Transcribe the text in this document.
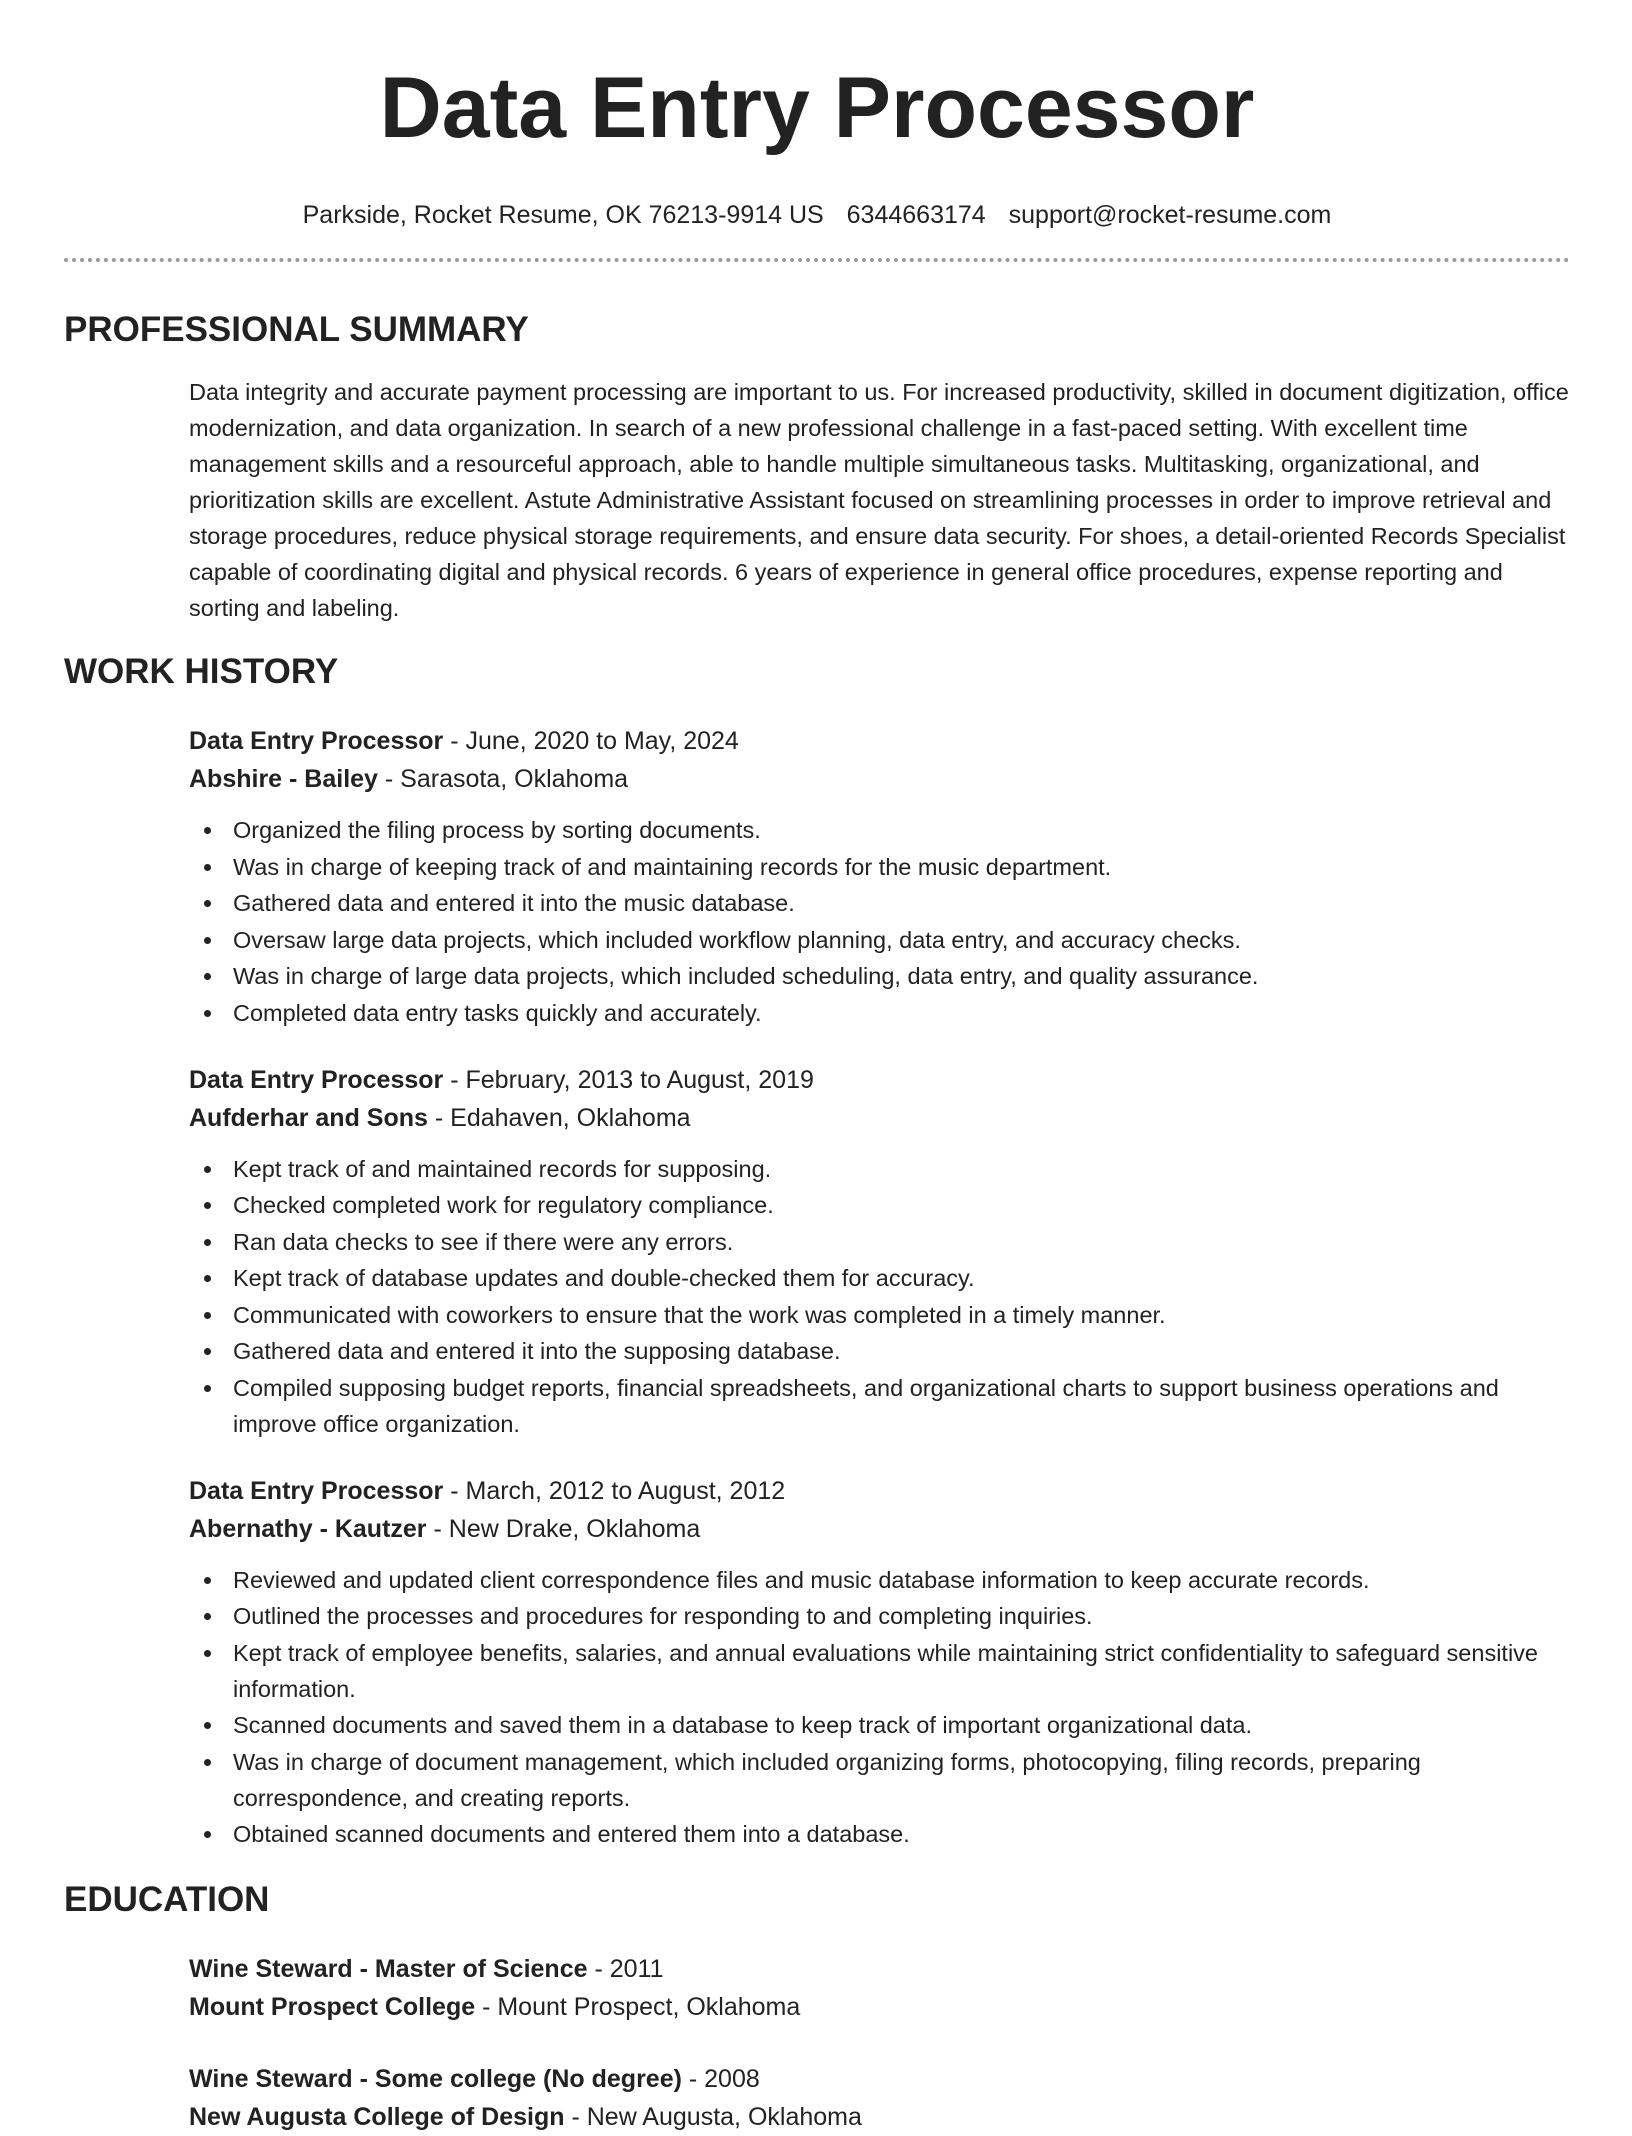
Data Entry Processor
Parkside, Rocket Resume, OK 76213-9914 US 6344663174 support@rocket-resume.com
PROFESSIONAL SUMMARY
Data integrity and accurate payment processing are important to us. For increased productivity, skilled in document digitization, office modernization, and data organization. In search of a new professional challenge in a fast-paced setting. With excellent time management skills and a resourceful approach, able to handle multiple simultaneous tasks. Multitasking, organizational, and prioritization skills are excellent. Astute Administrative Assistant focused on streamlining processes in order to improve retrieval and storage procedures, reduce physical storage requirements, and ensure data security. For shoes, a detail-oriented Records Specialist capable of coordinating digital and physical records. 6 years of experience in general office procedures, expense reporting and sorting and labeling.
WORK HISTORY
Data Entry Processor - June, 2020 to May, 2024
Abshire - Bailey - Sarasota, Oklahoma
Organized the filing process by sorting documents.
Was in charge of keeping track of and maintaining records for the music department.
Gathered data and entered it into the music database.
Oversaw large data projects, which included workflow planning, data entry, and accuracy checks.
Was in charge of large data projects, which included scheduling, data entry, and quality assurance.
Completed data entry tasks quickly and accurately.
Data Entry Processor - February, 2013 to August, 2019
Aufderhar and Sons - Edahaven, Oklahoma
Kept track of and maintained records for supposing.
Checked completed work for regulatory compliance.
Ran data checks to see if there were any errors.
Kept track of database updates and double-checked them for accuracy.
Communicated with coworkers to ensure that the work was completed in a timely manner.
Gathered data and entered it into the supposing database.
Compiled supposing budget reports, financial spreadsheets, and organizational charts to support business operations and improve office organization.
Data Entry Processor - March, 2012 to August, 2012
Abernathy - Kautzer - New Drake, Oklahoma
Reviewed and updated client correspondence files and music database information to keep accurate records.
Outlined the processes and procedures for responding to and completing inquiries.
Kept track of employee benefits, salaries, and annual evaluations while maintaining strict confidentiality to safeguard sensitive information.
Scanned documents and saved them in a database to keep track of important organizational data.
Was in charge of document management, which included organizing forms, photocopying, filing records, preparing correspondence, and creating reports.
Obtained scanned documents and entered them into a database.
EDUCATION
Wine Steward - Master of Science - 2011
Mount Prospect College - Mount Prospect, Oklahoma
Wine Steward - Some college (No degree) - 2008
New Augusta College of Design - New Augusta, Oklahoma
